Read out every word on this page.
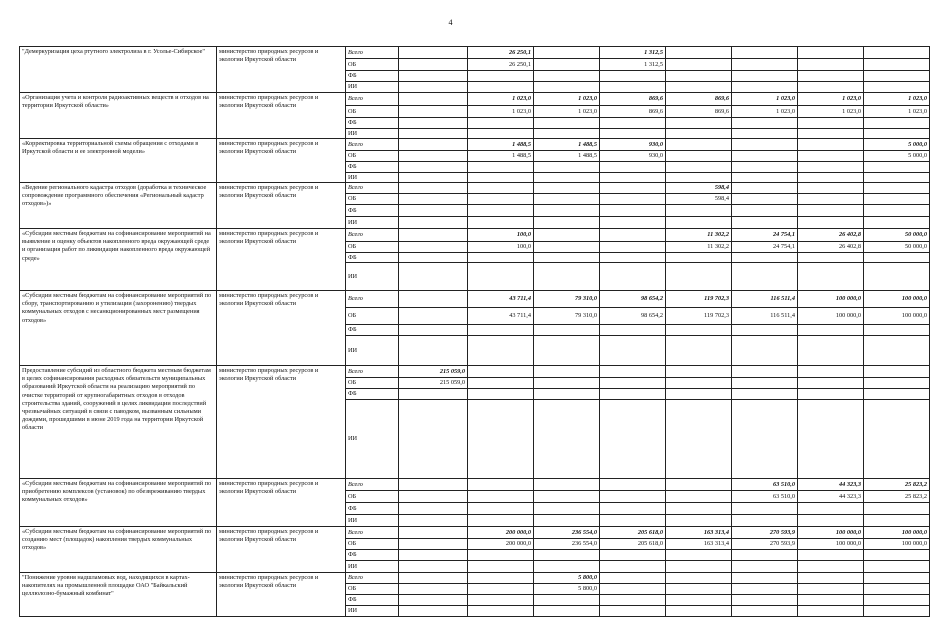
4
"Демеркуризация цеха ртутного электролиза в г. Усолье-Сибирское"	министерство природных ресурсов и экологии Иркутской области	Всего		26 250,1		1 312,5				
		ОБ		26 250,1		1 312,5				
		ФБ								
		ИИ								
«Организация учета и контроля радиоактивных веществ и отходов на территории Иркутской области»	министерство природных ресурсов и экологии Иркутской области	Всего		1 023,0	1 023,0	869,6	869,6	1 023,0	1 023,0	1 023,0
		ОБ		1 023,0	1 023,0	869,6	869,6	1 023,0	1 023,0	1 023,0
		ФБ								
		ИИ								
«Корректировка территориальной схемы обращения с отходами в Иркутской области и ее электронной модели»	министерство природных ресурсов и экологии Иркутской области	Всего		1 488,5	1 488,5	930,0				5 000,0
		ОБ		1 488,5	1 488,5	930,0				5 000,0
		ФБ								
		ИИ								
«Ведение регионального кадастра отходов (доработка и техническое сопровождение программного обеспечения «Региональный кадастр отходов»)»	министерство природных ресурсов и экологии Иркутской области	Всего					598,4			
		ОБ					598,4			
		ФБ								
		ИИ								
«Субсидии местным бюджетам на софинансирование мероприятий на выявление и оценку объектов накопленного вреда окружающей среде и организация работ по ликвидации накопленного вреда окружающей среде»	министерство природных ресурсов и экологии Иркутской области	Всего		100,0			11 302,2	24 754,1	26 402,8	50 000,0
		ОБ		100,0			11 302,2	24 754,1	26 402,8	50 000,0
		ФБ								
		ИИ								
«Субсидии местным бюджетам на софинансирование мероприятий по сбору, транспортированию и утилизации (захоронению) твердых коммунальных отходов с несанкционированных мест размещения отходов»	министерство природных ресурсов и экологии Иркутской области	Всего		43 711,4	79 310,0	98 654,2	119 702,3	116 511,4	100 000,0	100 000,0
		ОБ		43 711,4	79 310,0	98 654,2	119 702,3	116 511,4	100 000,0	100 000,0
		ФБ								
		ИИ								
Предоставление субсидий из областного бюджета местным бюджетам в целях софинансирования расходных обязательств муниципальных образований Иркутской области на реализацию мероприятий по очистке территорий от крупногабаритных отходов в отходов строительства зданий, сооружений в целях ликвидации последствий чрезвычайных ситуаций в связи с паводком, вызванным сильными дождями, прошедшими в июне 2019 года на территории Иркутской области	министерство природных ресурсов и экологии Иркутской области	Всего	215 059,0							
		ОБ	215 059,0							
		ФБ								
		ИИ								
«Субсидии местным бюджетам на софинансирование мероприятий по приобретению комплексов (установок) по обезвреживанию твердых коммунальных отходов»	министерство природных ресурсов и экологии Иркутской области	Всего						63 510,0	44 323,3	25 823,2
		ОБ						63 510,0	44 323,3	25 823,2
		ФБ								
		ИИ								
«Субсидии местным бюджетам на софинансирование мероприятий по созданию мест (площадок) накопления твердых коммунальных отходов»	министерство природных ресурсов и экологии Иркутской области	Всего		200 000,0	236 554,0	205 618,0	163 313,4	270 593,9	100 000,0	100 000,0
		ОБ		200 000,0	236 554,0	205 618,0	163 313,4	270 593,9	100 000,0	100 000,0
		ФБ								
		ИИ								
"Понижение уровня надшламовых вод, находящихся в картах-накопителях на промышленной площадке ОАО "Байкальский целлюлозно-бумажный комбинат"	министерство природных ресурсов и экологии Иркутской области	Всего			5 800,0					
		ОБ			5 800,0					
		ФБ								
		ИИ								
